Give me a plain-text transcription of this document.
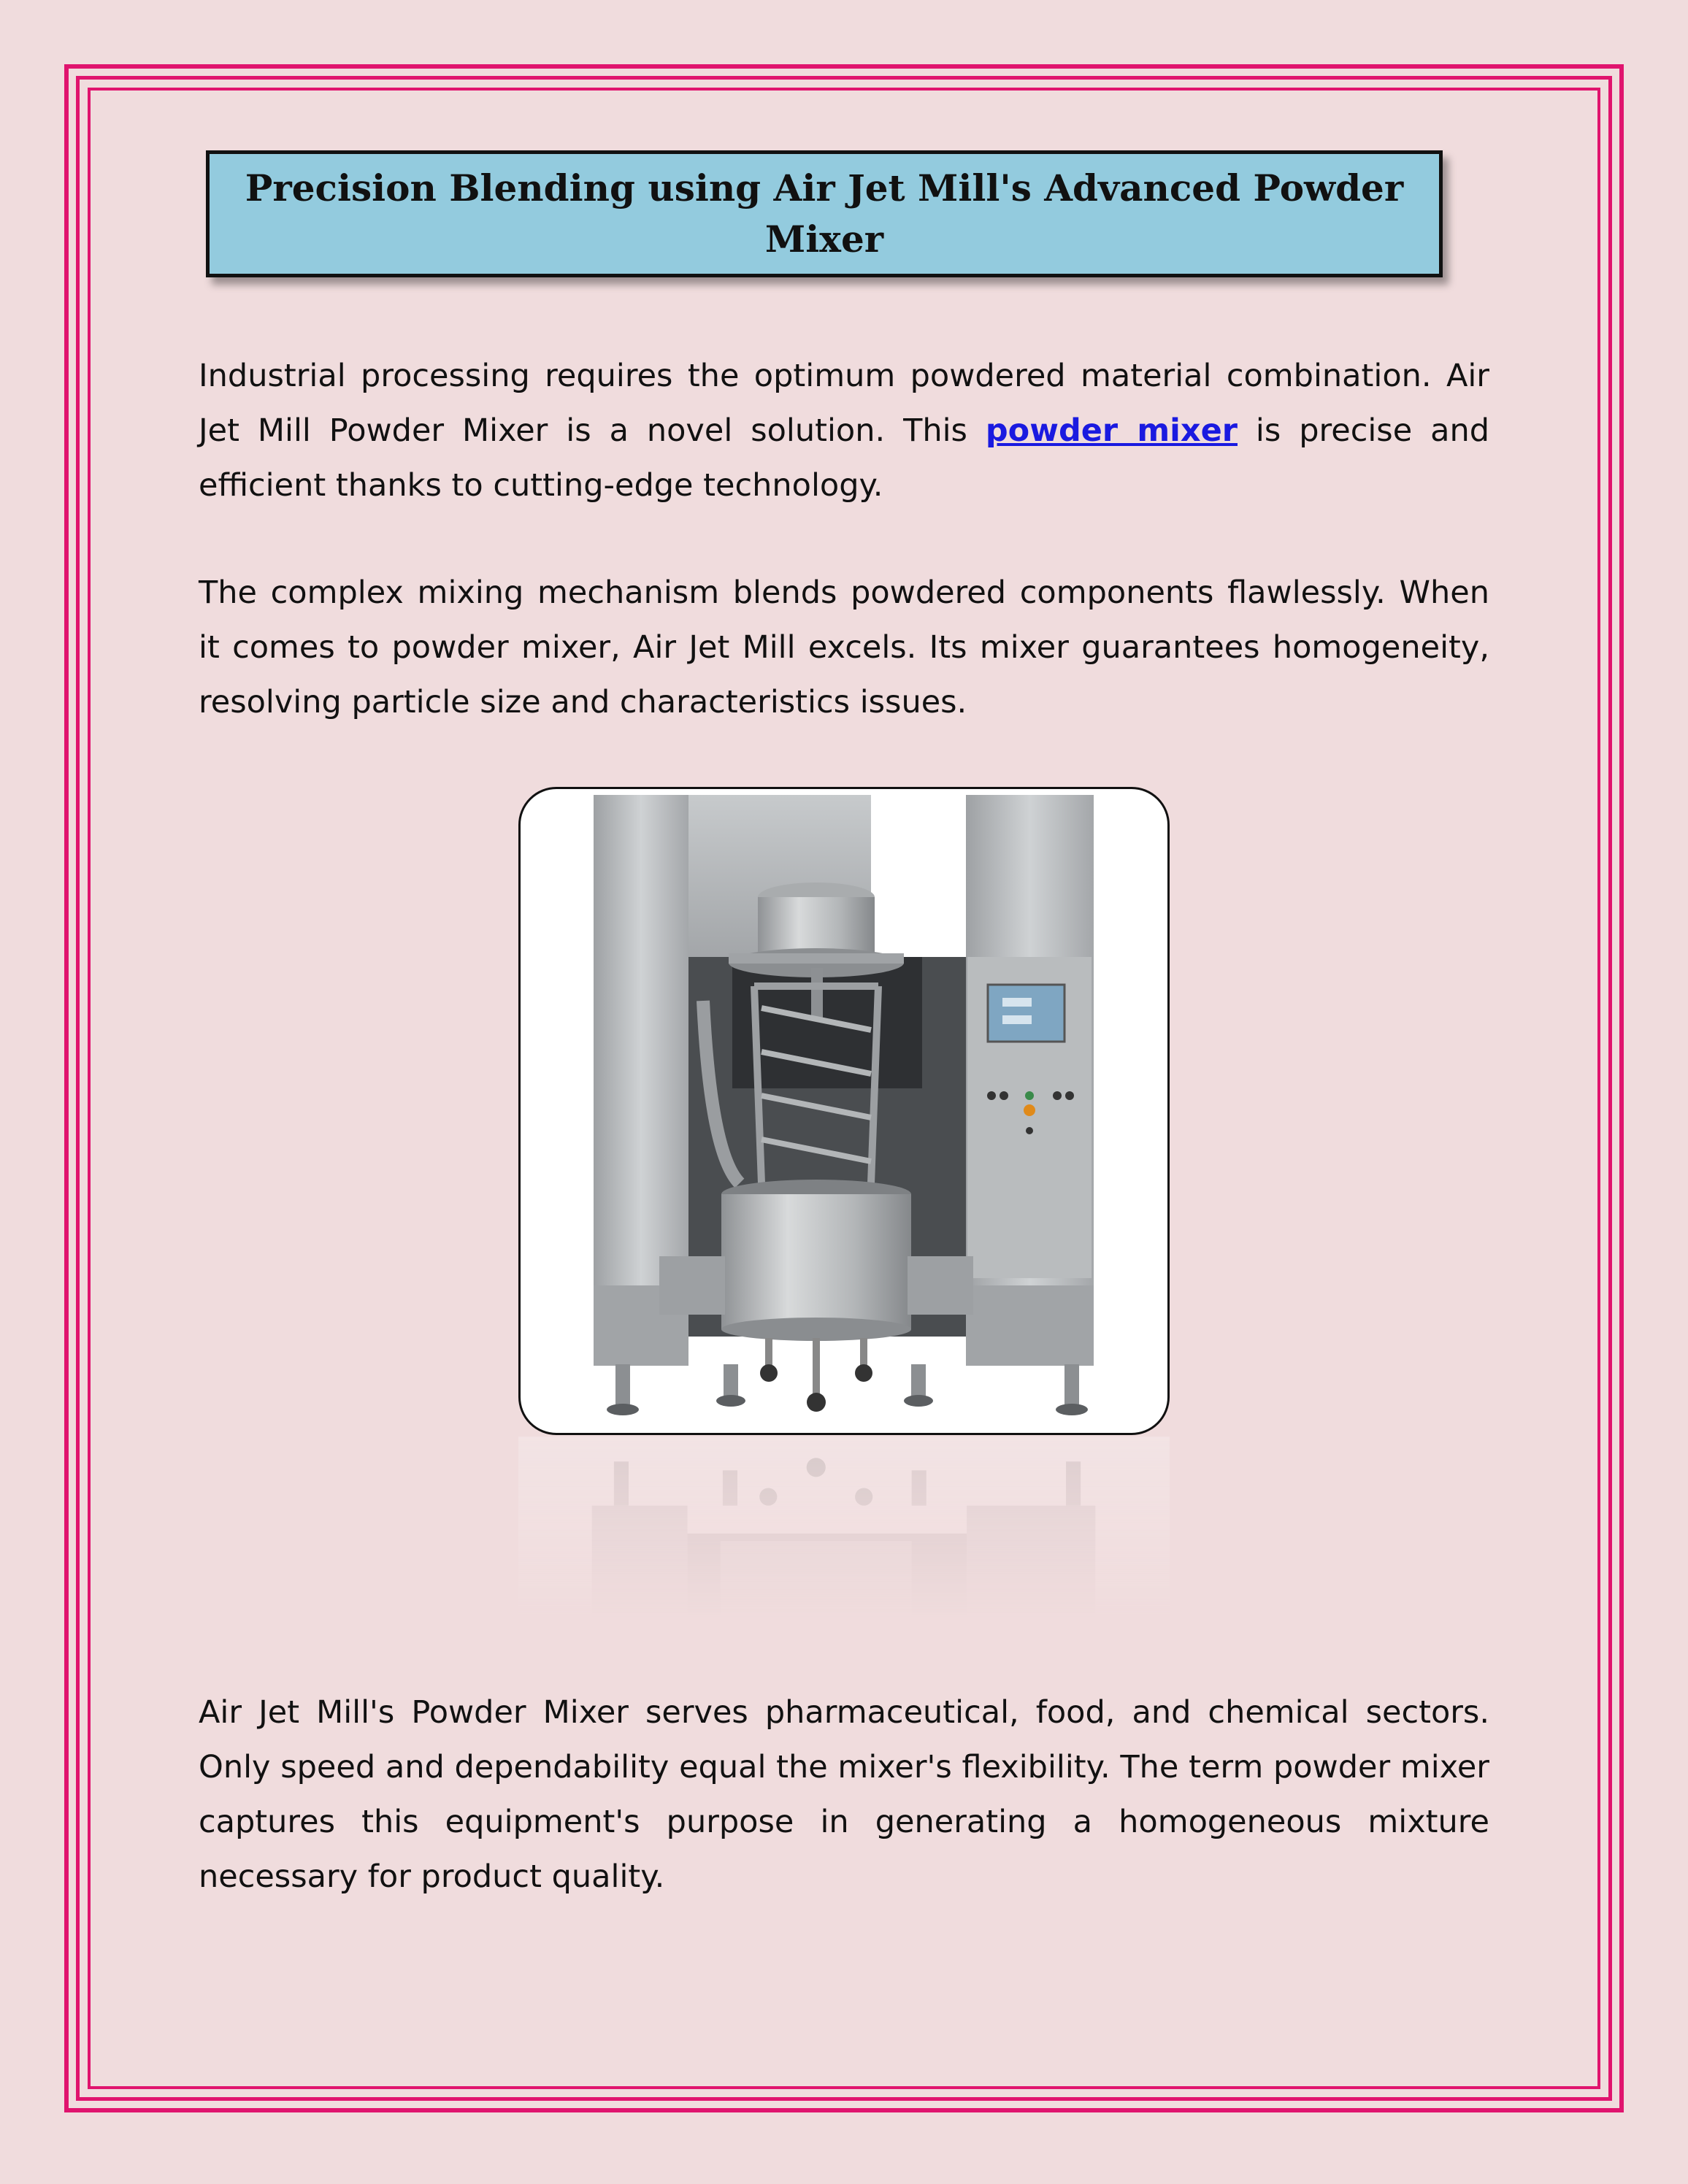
Precision Blending using Air Jet Mill's Advanced Powder Mixer

Industrial processing requires the optimum powdered material combination. Air Jet Mill Powder Mixer is a novel solution. This powder mixer is precise and efficient thanks to cutting-edge technology.

The complex mixing mechanism blends powdered components flawlessly. When it comes to powder mixer, Air Jet Mill excels. Its mixer guarantees homogeneity, resolving particle size and characteristics issues.

Air Jet Mill's Powder Mixer serves pharmaceutical, food, and chemical sectors. Only speed and dependability equal the mixer's flexibility. The term powder mixer captures this equipment's purpose in generating a homogeneous mixture necessary for product quality.
